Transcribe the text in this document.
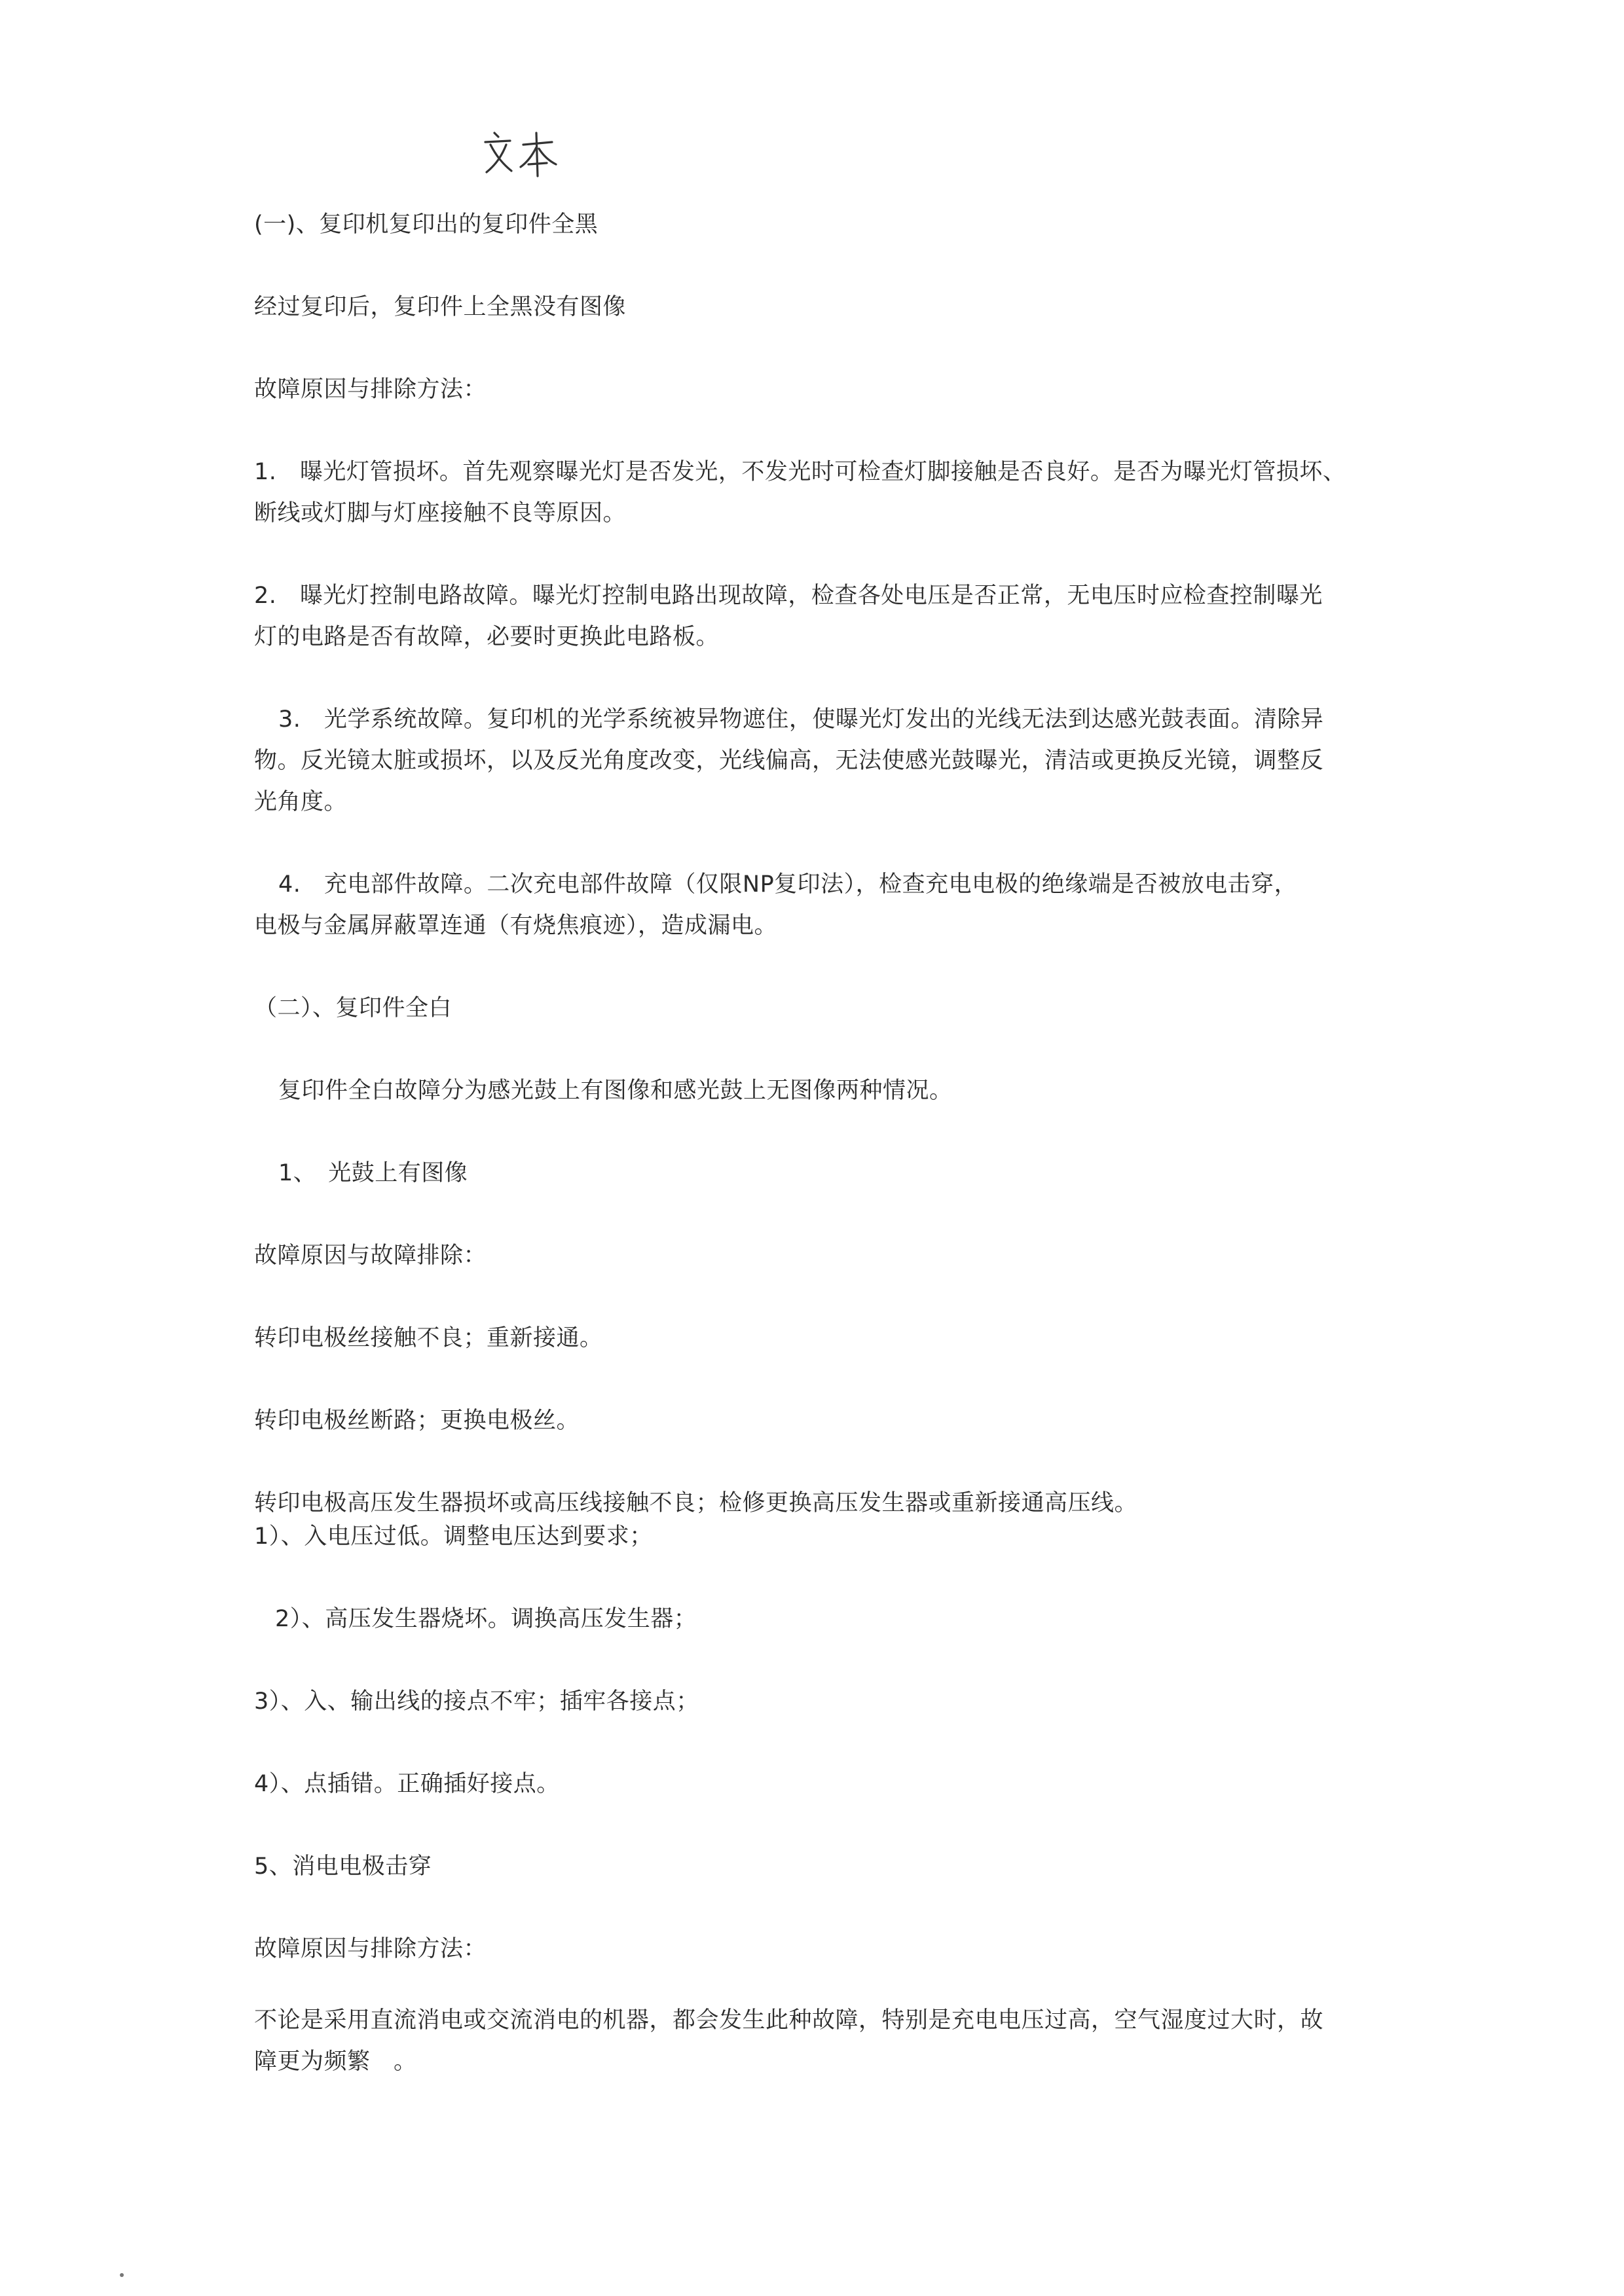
(一)、复印机复印出的复印件全黑
经过复印后，复印件上全黑没有图像
故障原因与排除方法：
1.　曝光灯管损坏。首先观察曝光灯是否发光，不发光时可检查灯脚接触是否良好。是否为曝光灯管损坏、
断线或灯脚与灯座接触不良等原因。
2.　曝光灯控制电路故障。曝光灯控制电路出现故障，检查各处电压是否正常，无电压时应检查控制曝光
灯的电路是否有故障，必要时更换此电路板。
3.　光学系统故障。复印机的光学系统被异物遮住，使曝光灯发出的光线无法到达感光鼓表面。清除异
物。反光镜太脏或损坏，以及反光角度改变，光线偏高，无法使感光鼓曝光，清洁或更换反光镜，调整反
光角度。
4.　充电部件故障。二次充电部件故障（仅限NP复印法），检查充电电极的绝缘端是否被放电击穿，
电极与金属屏蔽罩连通（有烧焦痕迹），造成漏电。
（二）、复印件全白
复印件全白故障分为感光鼓上有图像和感光鼓上无图像两种情况。
1、　光鼓上有图像
故障原因与故障排除：
转印电极丝接触不良；重新接通。
转印电极丝断路；更换电极丝。
转印电极高压发生器损坏或高压线接触不良；检修更换高压发生器或重新接通高压线。
1）、入电压过低。调整电压达到要求；
2）、高压发生器烧坏。调换高压发生器；
3）、入、输出线的接点不牢；插牢各接点；
4）、点插错。正确插好接点。
5、消电电极击穿
故障原因与排除方法：
不论是采用直流消电或交流消电的机器，都会发生此种故障，特别是充电电压过高，空气湿度过大时，故
障更为频繁　。
